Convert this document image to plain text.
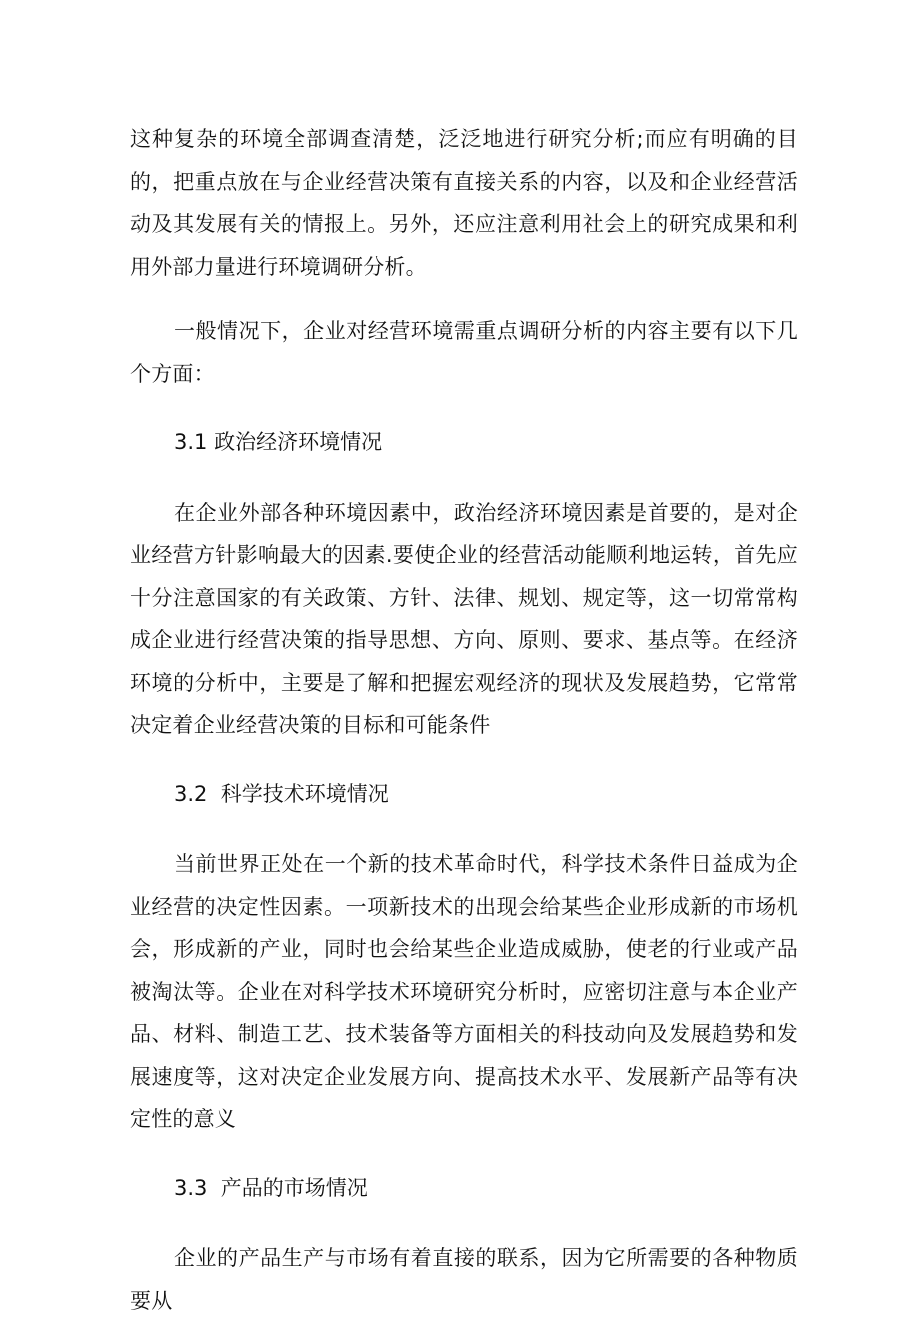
这种复杂的环境全部调查清楚，泛泛地进行研究分析;而应有明确的目的，把重点放在与企业经营决策有直接关系的内容，以及和企业经营活动及其发展有关的情报上。另外，还应注意利用社会上的研究成果和利用外部力量进行环境调研分析。

一般情况下，企业对经营环境需重点调研分析的内容主要有以下几个方面：

3.1 政治经济环境情况

在企业外部各种环境因素中，政治经济环境因素是首要的，是对企业经营方针影响最大的因素.要使企业的经营活动能顺利地运转，首先应十分注意国家的有关政策、方针、法律、规划、规定等，这一切常常构成企业进行经营决策的指导思想、方向、原则、要求、基点等。在经济环境的分析中，主要是了解和把握宏观经济的现状及发展趋势，它常常决定着企业经营决策的目标和可能条件

3.2  科学技术环境情况

当前世界正处在一个新的技术革命时代，科学技术条件日益成为企业经营的决定性因素。一项新技术的出现会给某些企业形成新的市场机会，形成新的产业，同时也会给某些企业造成威胁，使老的行业或产品被淘汰等。企业在对科学技术环境研究分析时，应密切注意与本企业产品、材料、制造工艺、技术装备等方面相关的科技动向及发展趋势和发展速度等，这对决定企业发展方向、提高技术水平、发展新产品等有决定性的意义

3.3  产品的市场情况

企业的产品生产与市场有着直接的联系，因为它所需要的各种物质要从
